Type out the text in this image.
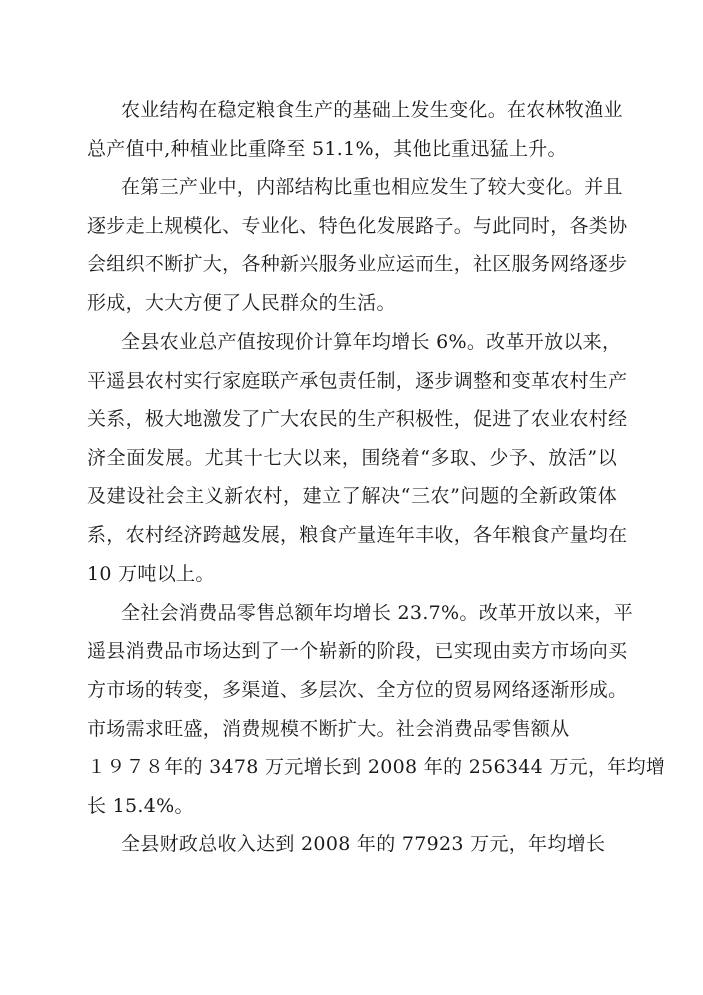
农业结构在稳定粮食生产的基础上发生变化。在农林牧渔业
总产值中,种植业比重降至 51.1%，其他比重迅猛上升。
在第三产业中，内部结构比重也相应发生了较大变化。并且
逐步走上规模化、专业化、特色化发展路子。与此同时，各类协
会组织不断扩大，各种新兴服务业应运而生，社区服务网络逐步
形成，大大方便了人民群众的生活。
全县农业总产值按现价计算年均增长 6%。改革开放以来，
平遥县农村实行家庭联产承包责任制，逐步调整和变革农村生产
关系，极大地激发了广大农民的生产积极性，促进了农业农村经
济全面发展。尤其十七大以来，围绕着“多取、少予、放活”以
及建设社会主义新农村，建立了解决“三农”问题的全新政策体
系，农村经济跨越发展，粮食产量连年丰收，各年粮食产量均在
10 万吨以上。
全社会消费品零售总额年均增长 23.7%。改革开放以来，平
遥县消费品市场达到了一个崭新的阶段，已实现由卖方市场向买
方市场的转变，多渠道、多层次、全方位的贸易网络逐渐形成。
市场需求旺盛，消费规模不断扩大。社会消费品零售额从
１９７８年的 3478 万元增长到 2008 年的 256344 万元，年均增
长 15.4%。
全县财政总收入达到 2008 年的 77923 万元，年均增长
